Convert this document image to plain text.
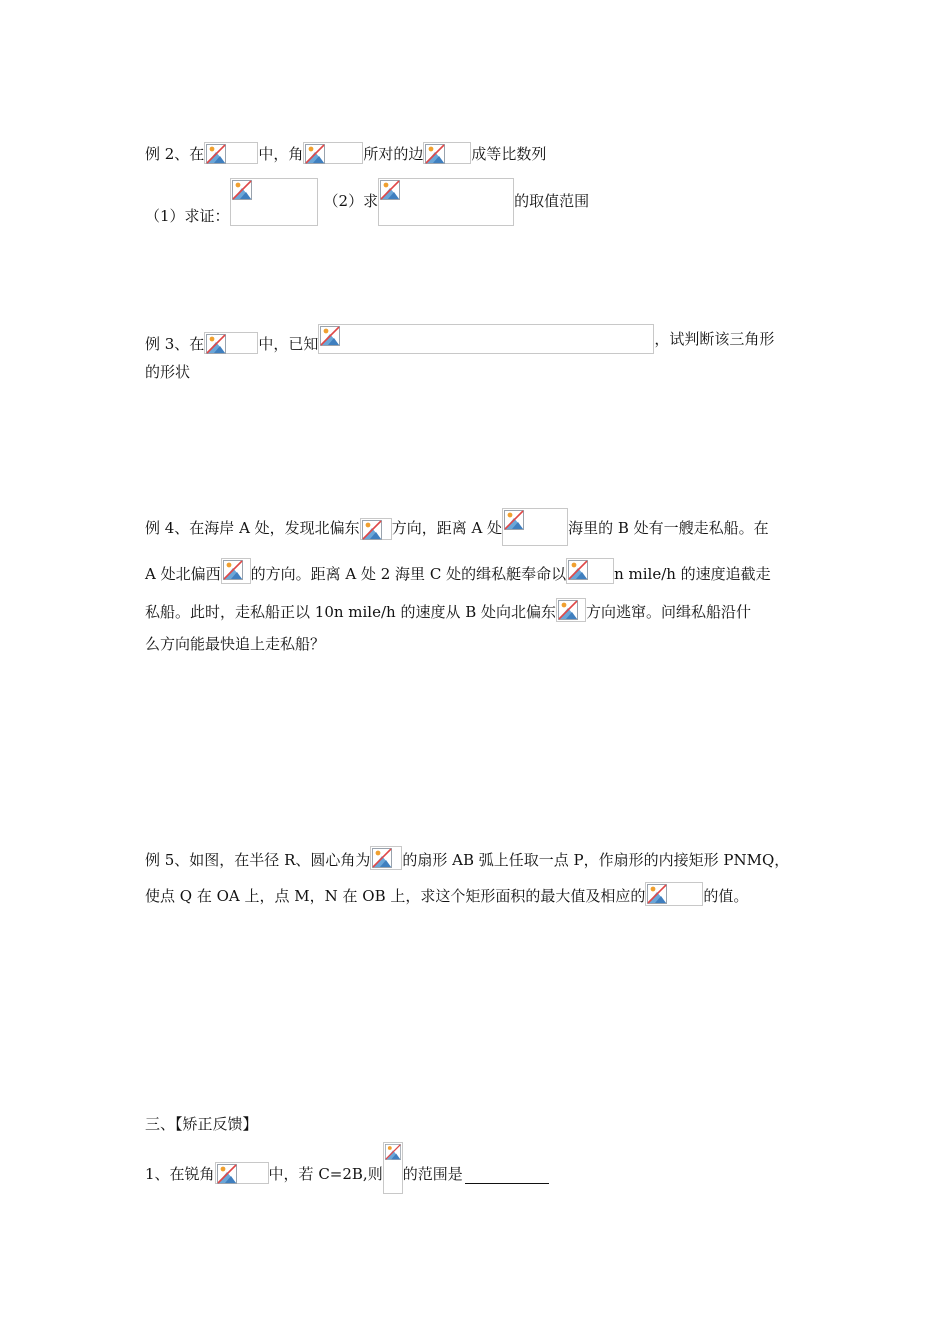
例 2、在	中，角	所对的边	成等比数列
（1）求证：
（2）求	的取值范围
例 3、在	中，已知	，试判断该三角形
的形状
例 4、在海岸 A 处，发现北偏东 方向，距离 A 处	海里的 B 处有一艘走私船。在
A 处北偏西 的方向。距离 A 处 2 海里 C 处的缉私艇奉命以	n mile/h 的速度追截走
私船。此时，走私船正以 10n mile/h 的速度从 B 处向北偏东 方向逃窜。问缉私船沿什
么方向能最快追上走私船？
例 5、如图，在半径 R、圆心角为 的扇形 AB 弧上任取一点 P，作扇形的内接矩形 PNMQ，
使点 Q 在 OA 上，点 M，N 在 OB 上，求这个矩形面积的最大值及相应的	的值。
三、【矫正反馈】
1、在锐角	中，若 C=2B,则 的范围是
